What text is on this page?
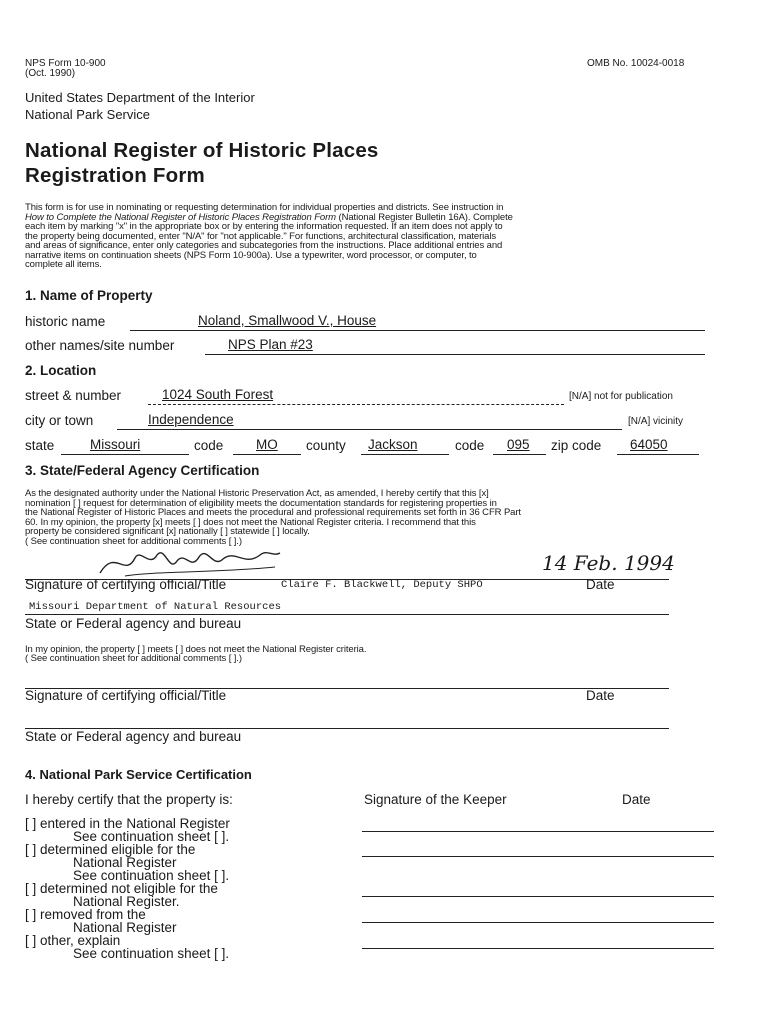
NPS Form 10-900
(Oct. 1990)
OMB No. 10024-0018
United States Department of the Interior
National Park Service
National Register of Historic Places
Registration Form
This form is for use in nominating or requesting determination for individual properties and districts. See instruction in
How to Complete the National Register of Historic Places Registration Form (National Register Bulletin 16A). Complete
each item by marking "x" in the appropriate box or by entering the information requested. If an item does not apply to
the property being documented, enter "N/A" for "not applicable." For functions, architectural classification, materials
and areas of significance, enter only categories and subcategories from the instructions. Place additional entries and
narrative items on continuation sheets (NPS Form 10-900a). Use a typewriter, word processor, or computer, to
complete all items.
1. Name of Property
historic name	Noland, Smallwood V., House
other names/site number	NPS Plan #23
2. Location
street & number	1024 South Forest	[N/A] not for publication
city or town	Independence	[N/A] vicinity
state	Missouri	code MO county Jackson	code 095 zip code 64050
3. State/Federal Agency Certification
As the designated authority under the National Historic Preservation Act, as amended, I hereby certify that this [x]
nomination [ ] request for determination of eligibility meets the documentation standards for registering properties in
the National Register of Historic Places and meets the procedural and professional requirements set forth in 36 CFR Part
60. In my opinion, the property [x] meets [ ] does not meet the National Register criteria. I recommend that this
property be considered significant [x] nationally [ ] statewide [ ] locally.
( See continuation sheet for additional comments [ ].)
Signature of certifying official/Title	Claire F. Blackwell, Deputy SHPO
14 Feb. 1994
Date
Missouri Department of Natural Resources
State or Federal agency and bureau
In my opinion, the property [ ] meets [ ] does not meet the National Register criteria.
( See continuation sheet for additional comments [ ].)
Signature of certifying official/Title	Date
State or Federal agency and bureau
4. National Park Service Certification
I hereby certify that the property is:	Signature of the Keeper	Date
[ ] entered in the National Register
See continuation sheet [ ].
[ ] determined eligible for the
National Register
See continuation sheet [ ].
[ ] determined not eligible for the
National Register.
[ ] removed from the
National Register
[ ] other, explain
See continuation sheet [ ].
